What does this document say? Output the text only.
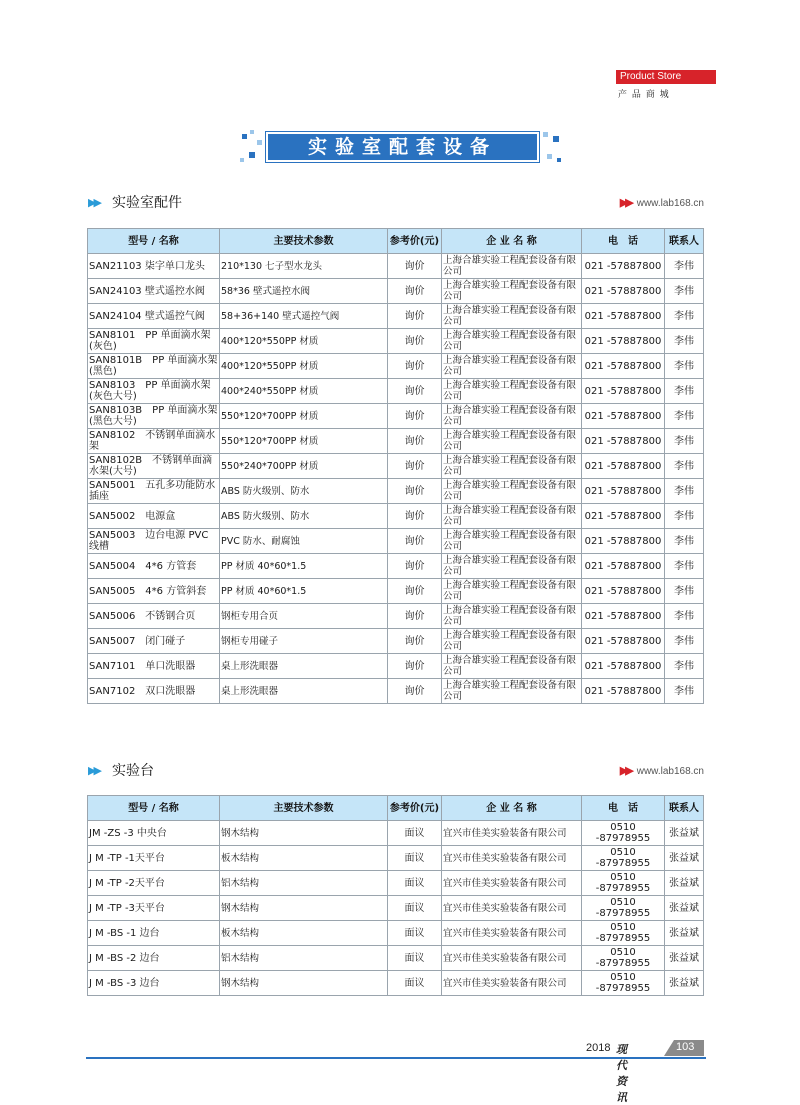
Product Store
产 品 商 城
实验室配套设备
▶▶ 实验室配件	▶▶ www.lab168.cn
型号 / 名称	主要技术参数	参考价(元)	企 业 名 称	电　话	联系人
SAN21103 柒字单口龙头	210*130 七子型水龙头	询价	上海合雄实验工程配套设备有限公司	021 -57887800	李伟
SAN24103 壁式遥控水阀	58*36 壁式遥控水阀	询价	上海合雄实验工程配套设备有限公司	021 -57887800	李伟
SAN24104 壁式遥控气阀	58+36+140 壁式遥控气阀	询价	上海合雄实验工程配套设备有限公司	021 -57887800	李伟
SAN8101　PP 单面滴水架(灰色)	400*120*550PP 材质	询价	上海合雄实验工程配套设备有限公司	021 -57887800	李伟
SAN8101B　PP 单面滴水架(黑色)	400*120*550PP 材质	询价	上海合雄实验工程配套设备有限公司	021 -57887800	李伟
SAN8103　PP 单面滴水架(灰色大号)	400*240*550PP 材质	询价	上海合雄实验工程配套设备有限公司	021 -57887800	李伟
SAN8103B　PP 单面滴水架(黑色大号)	550*120*700PP 材质	询价	上海合雄实验工程配套设备有限公司	021 -57887800	李伟
SAN8102　不锈钢单面滴水架	550*120*700PP 材质	询价	上海合雄实验工程配套设备有限公司	021 -57887800	李伟
SAN8102B　不锈钢单面滴水架(大号)	550*240*700PP 材质	询价	上海合雄实验工程配套设备有限公司	021 -57887800	李伟
SAN5001　五孔多功能防水插座	ABS 防火级别、防水	询价	上海合雄实验工程配套设备有限公司	021 -57887800	李伟
SAN5002　电源盒	ABS 防火级别、防水	询价	上海合雄实验工程配套设备有限公司	021 -57887800	李伟
SAN5003　边台电源 PVC 线槽	PVC 防水、耐腐蚀	询价	上海合雄实验工程配套设备有限公司	021 -57887800	李伟
SAN5004　4*6 方管套	PP 材质 40*60*1.5	询价	上海合雄实验工程配套设备有限公司	021 -57887800	李伟
SAN5005　4*6 方管斜套	PP 材质 40*60*1.5	询价	上海合雄实验工程配套设备有限公司	021 -57887800	李伟
SAN5006　不锈钢合页	钢柜专用合页	询价	上海合雄实验工程配套设备有限公司	021 -57887800	李伟
SAN5007　闭门碰子	钢柜专用碰子	询价	上海合雄实验工程配套设备有限公司	021 -57887800	李伟
SAN7101　单口洗眼器	桌上形洗眼器	询价	上海合雄实验工程配套设备有限公司	021 -57887800	李伟
SAN7102　双口洗眼器	桌上形洗眼器	询价	上海合雄实验工程配套设备有限公司	021 -57887800	李伟
▶▶ 实验台	▶▶ www.lab168.cn
型号 / 名称	主要技术参数	参考价(元)	企 业 名 称	电　话	联系人
JM -ZS -3 中央台	钢木结构	面议	宜兴市佳美实验装备有限公司	0510 -87978955	张益斌
J M -TP -1天平台	板木结构	面议	宜兴市佳美实验装备有限公司	0510 -87978955	张益斌
J M -TP -2天平台	铝木结构	面议	宜兴市佳美实验装备有限公司	0510 -87978955	张益斌
J M -TP -3天平台	钢木结构	面议	宜兴市佳美实验装备有限公司	0510 -87978955	张益斌
J M -BS -1 边台	板木结构	面议	宜兴市佳美实验装备有限公司	0510 -87978955	张益斌
J M -BS -2 边台	铝木结构	面议	宜兴市佳美实验装备有限公司	0510 -87978955	张益斌
J M -BS -3 边台	钢木结构	面议	宜兴市佳美实验装备有限公司	0510 -87978955	张益斌
2018 现代资讯
103
